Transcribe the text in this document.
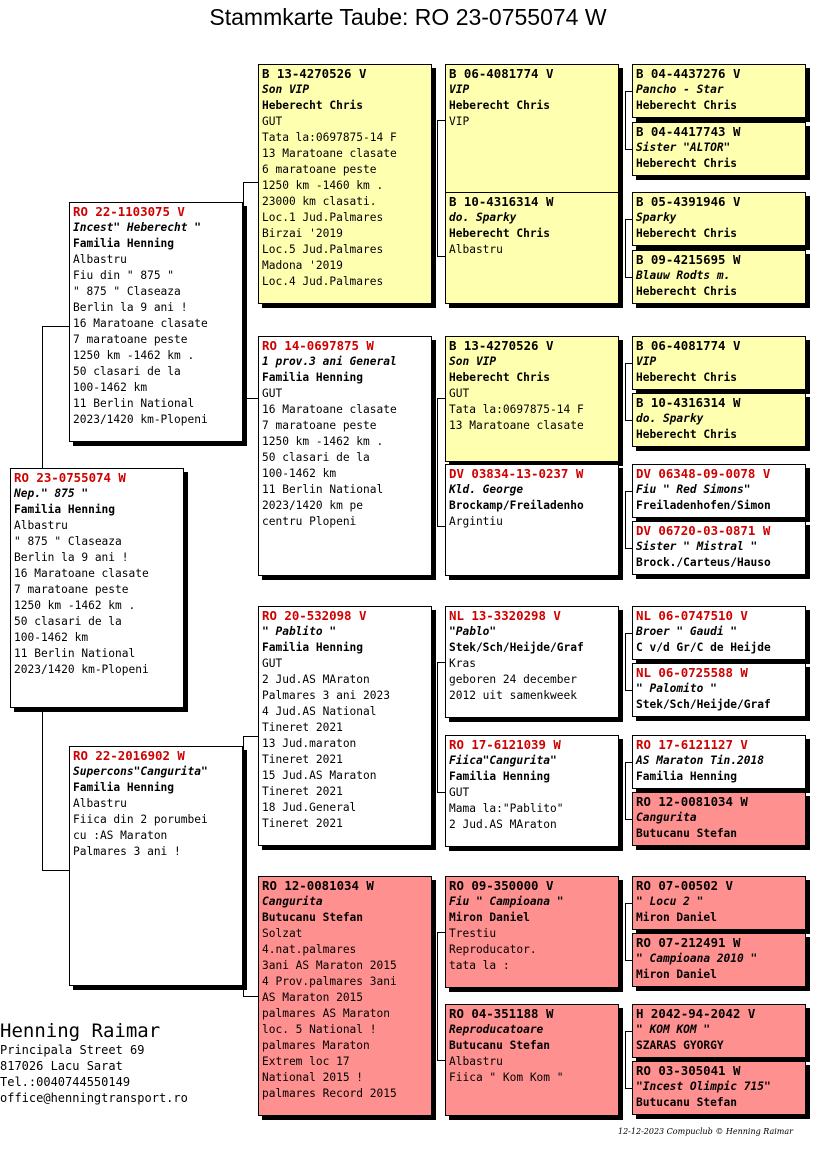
Stammkarte Taube: RO 23-0755074 W
RO 23-0755074 W
Nep." 875 "
Familia Henning
Albastru
" 875 " Claseaza
Berlin la 9 ani !
16 Maratoane clasate
7 maratoane peste
1250 km -1462 km .
50 clasari de la
100-1462 km
11 Berlin National
2023/1420 km-Plopeni
RO 22-1103075 V
Incest" Heberecht "
Familia Henning
Albastru
Fiu din " 875 "
" 875 " Claseaza
Berlin la 9 ani !
16 Maratoane clasate
7 maratoane peste
1250 km -1462 km .
50 clasari de la
100-1462 km
11 Berlin National
2023/1420 km-Plopeni
RO 22-2016902 W
Supercons"Cangurita"
Familia Henning
Albastru
Fiica din 2 porumbei
cu :AS Maraton
Palmares 3 ani !
B 13-4270526 V
Son VIP
Heberecht Chris
GUT
Tata la:0697875-14 F
13 Maratoane clasate
6 maratoane peste
1250 km -1460 km .
23000 km clasati.
Loc.1 Jud.Palmares
Birzai '2019
Loc.5 Jud.Palmares
Madona '2019
Loc.4 Jud.Palmares
RO 14-0697875 W
1 prov.3 ani General
Familia Henning
GUT
16 Maratoane clasate
7 maratoane peste
1250 km -1462 km .
50 clasari de la
100-1462 km
11 Berlin National
2023/1420 km pe
centru Plopeni
RO 20-532098 V
" Pablito "
Familia Henning
GUT
2 Jud.AS MAraton
Palmares 3 ani 2023
4 Jud.AS National
Tineret 2021
13 Jud.maraton
Tineret 2021
15 Jud.AS Maraton
Tineret 2021
18 Jud.General
Tineret 2021
RO 12-0081034 W
Cangurita
Butucanu Stefan
Solzat
4.nat.palmares
3ani AS Maraton 2015
4 Prov.palmares 3ani
AS Maraton 2015
palmares AS Maraton
loc. 5 National !
palmares Maraton
Extrem loc 17
National 2015 !
palmares Record 2015
B 06-4081774 V
VIP
Heberecht Chris
VIP
B 10-4316314 W
do. Sparky
Heberecht Chris
Albastru
B 13-4270526 V
Son VIP
Heberecht Chris
GUT
Tata la:0697875-14 F
13 Maratoane clasate
DV 03834-13-0237 W
Kld. George
Brockamp/Freiladenho
Argintiu
NL 13-3320298 V
"Pablo"
Stek/Sch/Heijde/Graf
Kras
geboren 24 december
2012 uit samenkweek
RO 17-6121039 W
Fiica"Cangurita"
Familia Henning
GUT
Mama la:"Pablito"
2 Jud.AS MAraton
RO 09-350000 V
Fiu " Campioana "
Miron Daniel
Trestiu
Reproducator.
tata la :
RO 04-351188 W
Reproducatoare
Butucanu Stefan
Albastru
Fiica " Kom Kom "
B 04-4437276 V
Pancho - Star
Heberecht Chris
B 04-4417743 W
Sister "ALTOR"
Heberecht Chris
B 05-4391946 V
Sparky
Heberecht Chris
B 09-4215695 W
Blauw Rodts m.
Heberecht Chris
B 06-4081774 V
VIP
Heberecht Chris
B 10-4316314 W
do. Sparky
Heberecht Chris
DV 06348-09-0078 V
Fiu " Red Simons"
Freiladenhofen/Simon
DV 06720-03-0871 W
Sister " Mistral "
Brock./Carteus/Hauso
NL 06-0747510 V
Broer " Gaudi "
C v/d Gr/C de Heijde
NL 06-0725588 W
" Palomito "
Stek/Sch/Heijde/Graf
RO 17-6121127 V
AS Maraton Tin.2018
Familia Henning
RO 12-0081034 W
Cangurita
Butucanu Stefan
RO 07-00502 V
" Locu 2 "
Miron Daniel
RO 07-212491 W
" Campioana 2010 "
Miron Daniel
H 2042-94-2042 V
" KOM KOM "
SZARAS GYORGY
RO 03-305041 W
"Incest Olimpic 715"
Butucanu Stefan
Henning Raimar
Principala Street 69
817026 Lacu Sarat
Tel.:0040744550149
office@henningtransport.ro
12-12-2023 Compuclub © Henning Raimar
